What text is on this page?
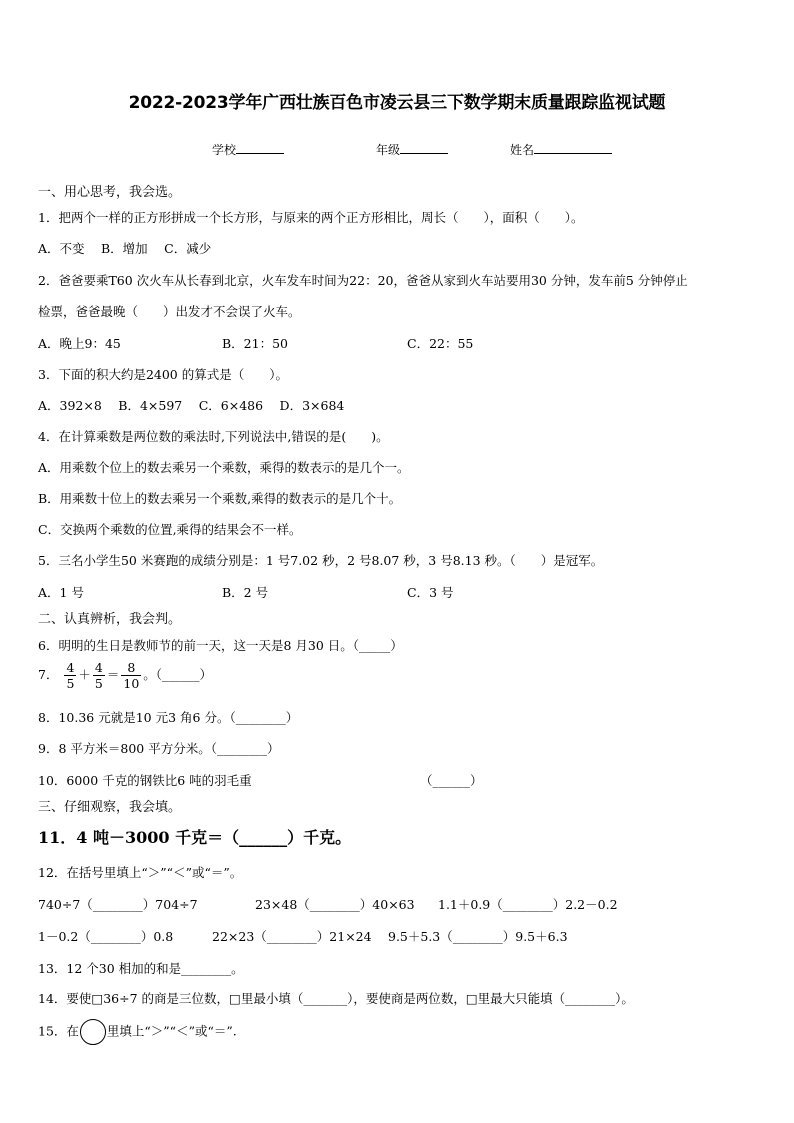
2022-2023学年广西壮族百色市凌云县三下数学期末质量跟踪监视试题
学校	年级	姓名
一、用心思考，我会选。
1．把两个一样的正方形拼成一个长方形，与原来的两个正方形相比，周长（　　），面积（　　）。
A．不变　 B．增加　 C．减少
2．爸爸要乘T60 次火车从长春到北京，火车发车时间为22：20，爸爸从家到火车站要用30 分钟，发车前5 分钟停止
检票，爸爸最晚（　　）出发才不会误了火车。
A．晚上9：45	B．21：50	C．22：55
3．下面的积大约是2400 的算式是（　　）。
A．392×8　 B．4×597　 C．6×486　 D．3×684
4．在计算乘数是两位数的乘法时,下列说法中,错误的是(　　)。
A．用乘数个位上的数去乘另一个乘数，乘得的数表示的是几个一。
B．用乘数十位上的数去乘另一个乘数,乘得的数表示的是几个十。
C．交换两个乘数的位置,乘得的结果会不一样。
5．三名小学生50 米赛跑的成绩分别是：1 号7.02 秒，2 号8.07 秒，3 号8.13 秒。（　　）是冠军。
A．1 号	B．2 号	C．3 号
二、认真辨析，我会判。
6．明明的生日是教师节的前一天，这一天是8 月30 日。（_____）
7． $\frac{4}{5} + \frac{4}{5} = \frac{8}{10}$ 。（______）
8．10.36 元就是10 元3 角6 分。（________）
9．8 平方米＝800 平方分米。（________）
10．6000 千克的钢铁比6 吨的羽毛重	（______）
三、仔细观察，我会填。
11．4 吨－3000 千克＝（______）千克。
12．在括号里填上“＞”“＜”或“＝”。
740÷7（________）704÷7	23×48（________）40×63 1.1＋0.9（________）2.2－0.2
1－0.2（________）0.8	22×23（________）21×24 9.5＋5.3（________）9.5＋6.3
13．12 个30 相加的和是________。
14．要使□36÷7 的商是三位数，□里最小填（_______），要使商是两位数，□里最大只能填（________）。
15．在 里填上“＞”“＜”或“＝”.
